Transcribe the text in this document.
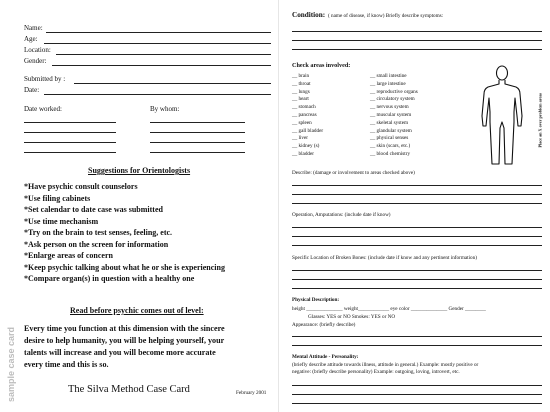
Name:
Age:
Location:
Gender:
Submitted by :
Date:
Date worked:	By whom:
Suggestions for Orientologists
*Have psychic consult counselors
*Use filing cabinets
*Set calendar to date case was submitted
*Use time mechanism
*Try on the brain to test senses, feeling, etc.
*Ask person on the screen for information
*Enlarge areas of concern
*Keep psychic talking about what he or she is experiencing
*Compare organ(s) in question with a healthy one
Read before psychic comes out of level:
Every time you function at this dimension with the sincere
desire to help humanity, you will be helping yourself, your
talents will increase and you will become more accurate
every time and this is so.
The Silva Method Case Card	February 2001
sample case card
Condition: ( name of disease, if know) Briefly describe symptoms:
Check areas involved:
__ brain
__ throat
__ lungs
__ heart
__ stomach
__ pancreas
__ spleen
__ gall bladder
__ liver
__ kidney (s)
__ bladder
__ small intestine
__ large intestine
__ reproductive organs
__ circulatory system
__ nervous system
__ muscular system
__ skeletal system
__ glandular system
__ physical senses
__ skin (scars, etc.)
__ blood chemistry
Place an X over problem areas
Describe: (damage or involvement to areas checked above)
Operation, Amputations: (include date if know)
Specific Location of Broken Bones: (include date if know and any pertinent information)
Physical Description:
height ______________ weight____________ eye color ______________ Gender ________
Glasses: YES or NO Smokes: YES or NO
Appearance: (briefly describe)
Mental Attitude - Personality:
(briefly describe attitude towards illness, attitude in general.) Example: mostly positive or
negative: (briefly describe personality) Example: outgoing, loving, introvert, etc.
